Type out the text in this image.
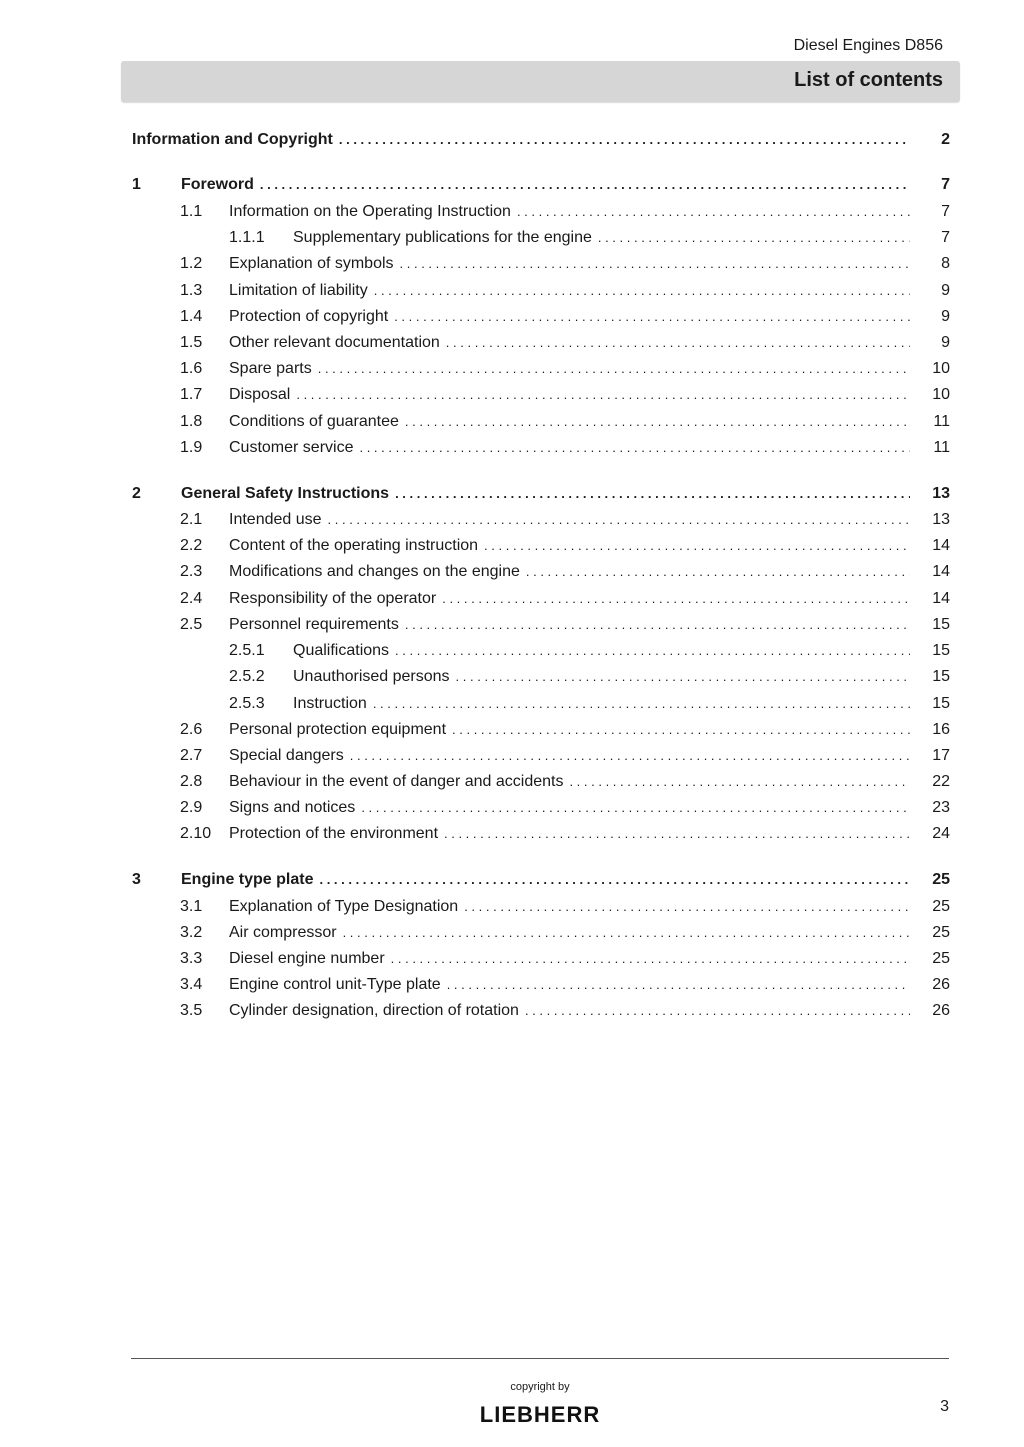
Diesel Engines D856
List of contents
Information and Copyright . . .	2
1	Foreword . . .	7
1.1	Information on the Operating Instruction . . .	7
1.1.1	Supplementary publications for the engine . . .	7
1.2	Explanation of symbols . . .	8
1.3	Limitation of liability . . .	9
1.4	Protection of copyright . . .	9
1.5	Other relevant documentation . . .	9
1.6	Spare parts . . .	10
1.7	Disposal . . .	10
1.8	Conditions of guarantee . . .	11
1.9	Customer service . . .	11
2	General Safety Instructions . . .	13
2.1	Intended use . . .	13
2.2	Content of the operating instruction . . .	14
2.3	Modifications and changes on the engine . . .	14
2.4	Responsibility of the operator . . .	14
2.5	Personnel requirements . . .	15
2.5.1	Qualifications . . .	15
2.5.2	Unauthorised persons . . .	15
2.5.3	Instruction . . .	15
2.6	Personal protection equipment . . .	16
2.7	Special dangers . . .	17
2.8	Behaviour in the event of danger and accidents . . .	22
2.9	Signs and notices . . .	23
2.10	Protection of the environment . . .	24
3	Engine type plate . . .	25
3.1	Explanation of Type Designation . . .	25
3.2	Air compressor . . .	25
3.3	Diesel engine number . . .	25
3.4	Engine control unit-Type plate . . .	26
3.5	Cylinder designation, direction of rotation . . .	26
copyright by
LIEBHERR	3
